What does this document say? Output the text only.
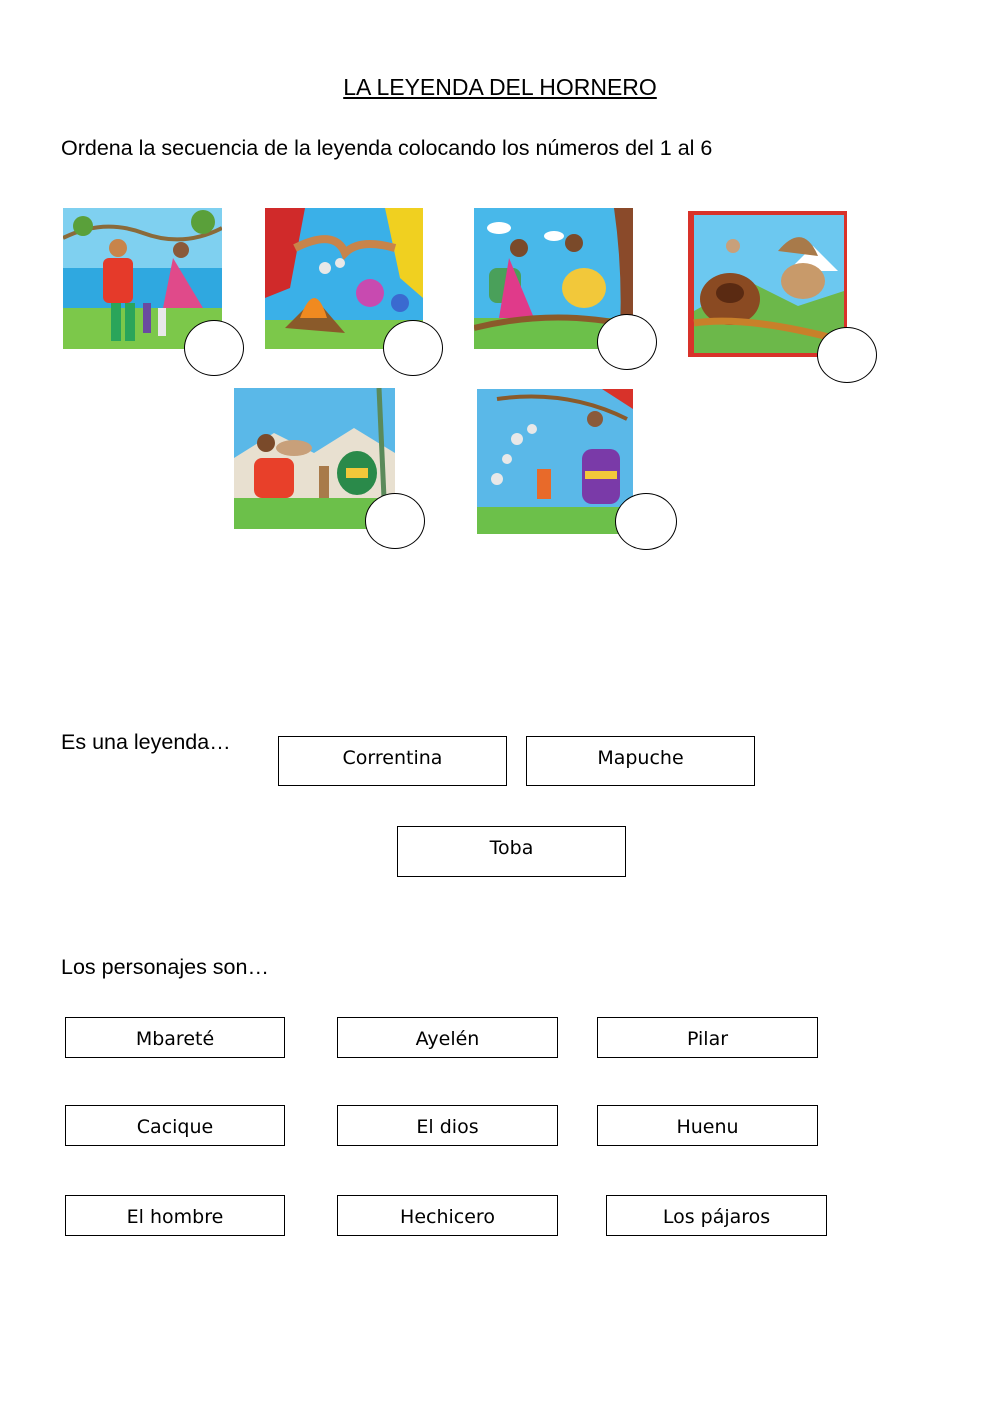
LA LEYENDA DEL HORNERO
Ordena la secuencia de la leyenda colocando los números del 1 al 6
Es una leyenda…
Correntina	Mapuche
Toba
Los personajes son…
Mbareté	Ayelén	Pilar
Cacique	El dios	Huenu
El hombre	Hechicero	Los pájaros
